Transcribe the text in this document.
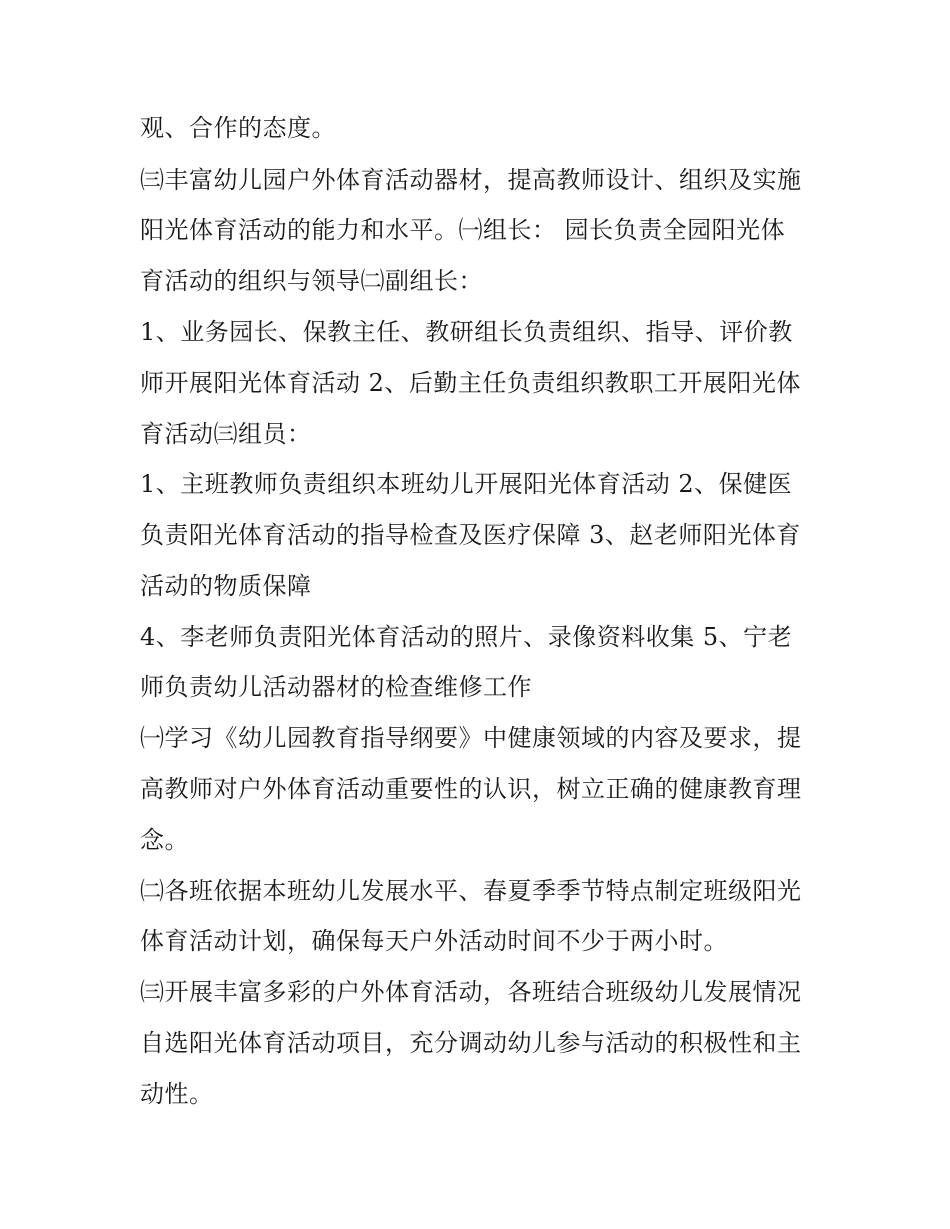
观、合作的态度。

㈢丰富幼儿园户外体育活动器材，提高教师设计、组织及实施

阳光体育活动的能力和水平。㈠组长： 园长负责全园阳光体

育活动的组织与领导㈡副组长：

1、业务园长、保教主任、教研组长负责组织、指导、评价教

师开展阳光体育活动 2、后勤主任负责组织教职工开展阳光体

育活动㈢组员：

1、主班教师负责组织本班幼儿开展阳光体育活动 2、保健医

负责阳光体育活动的指导检查及医疗保障 3、赵老师阳光体育

活动的物质保障

4、李老师负责阳光体育活动的照片、录像资料收集 5、宁老

师负责幼儿活动器材的检查维修工作

㈠学习《幼儿园教育指导纲要》中健康领域的内容及要求，提

高教师对户外体育活动重要性的认识，树立正确的健康教育理

念。

㈡各班依据本班幼儿发展水平、春夏季季节特点制定班级阳光

体育活动计划，确保每天户外活动时间不少于两小时。

㈢开展丰富多彩的户外体育活动，各班结合班级幼儿发展情况

自选阳光体育活动项目，充分调动幼儿参与活动的积极性和主

动性。
